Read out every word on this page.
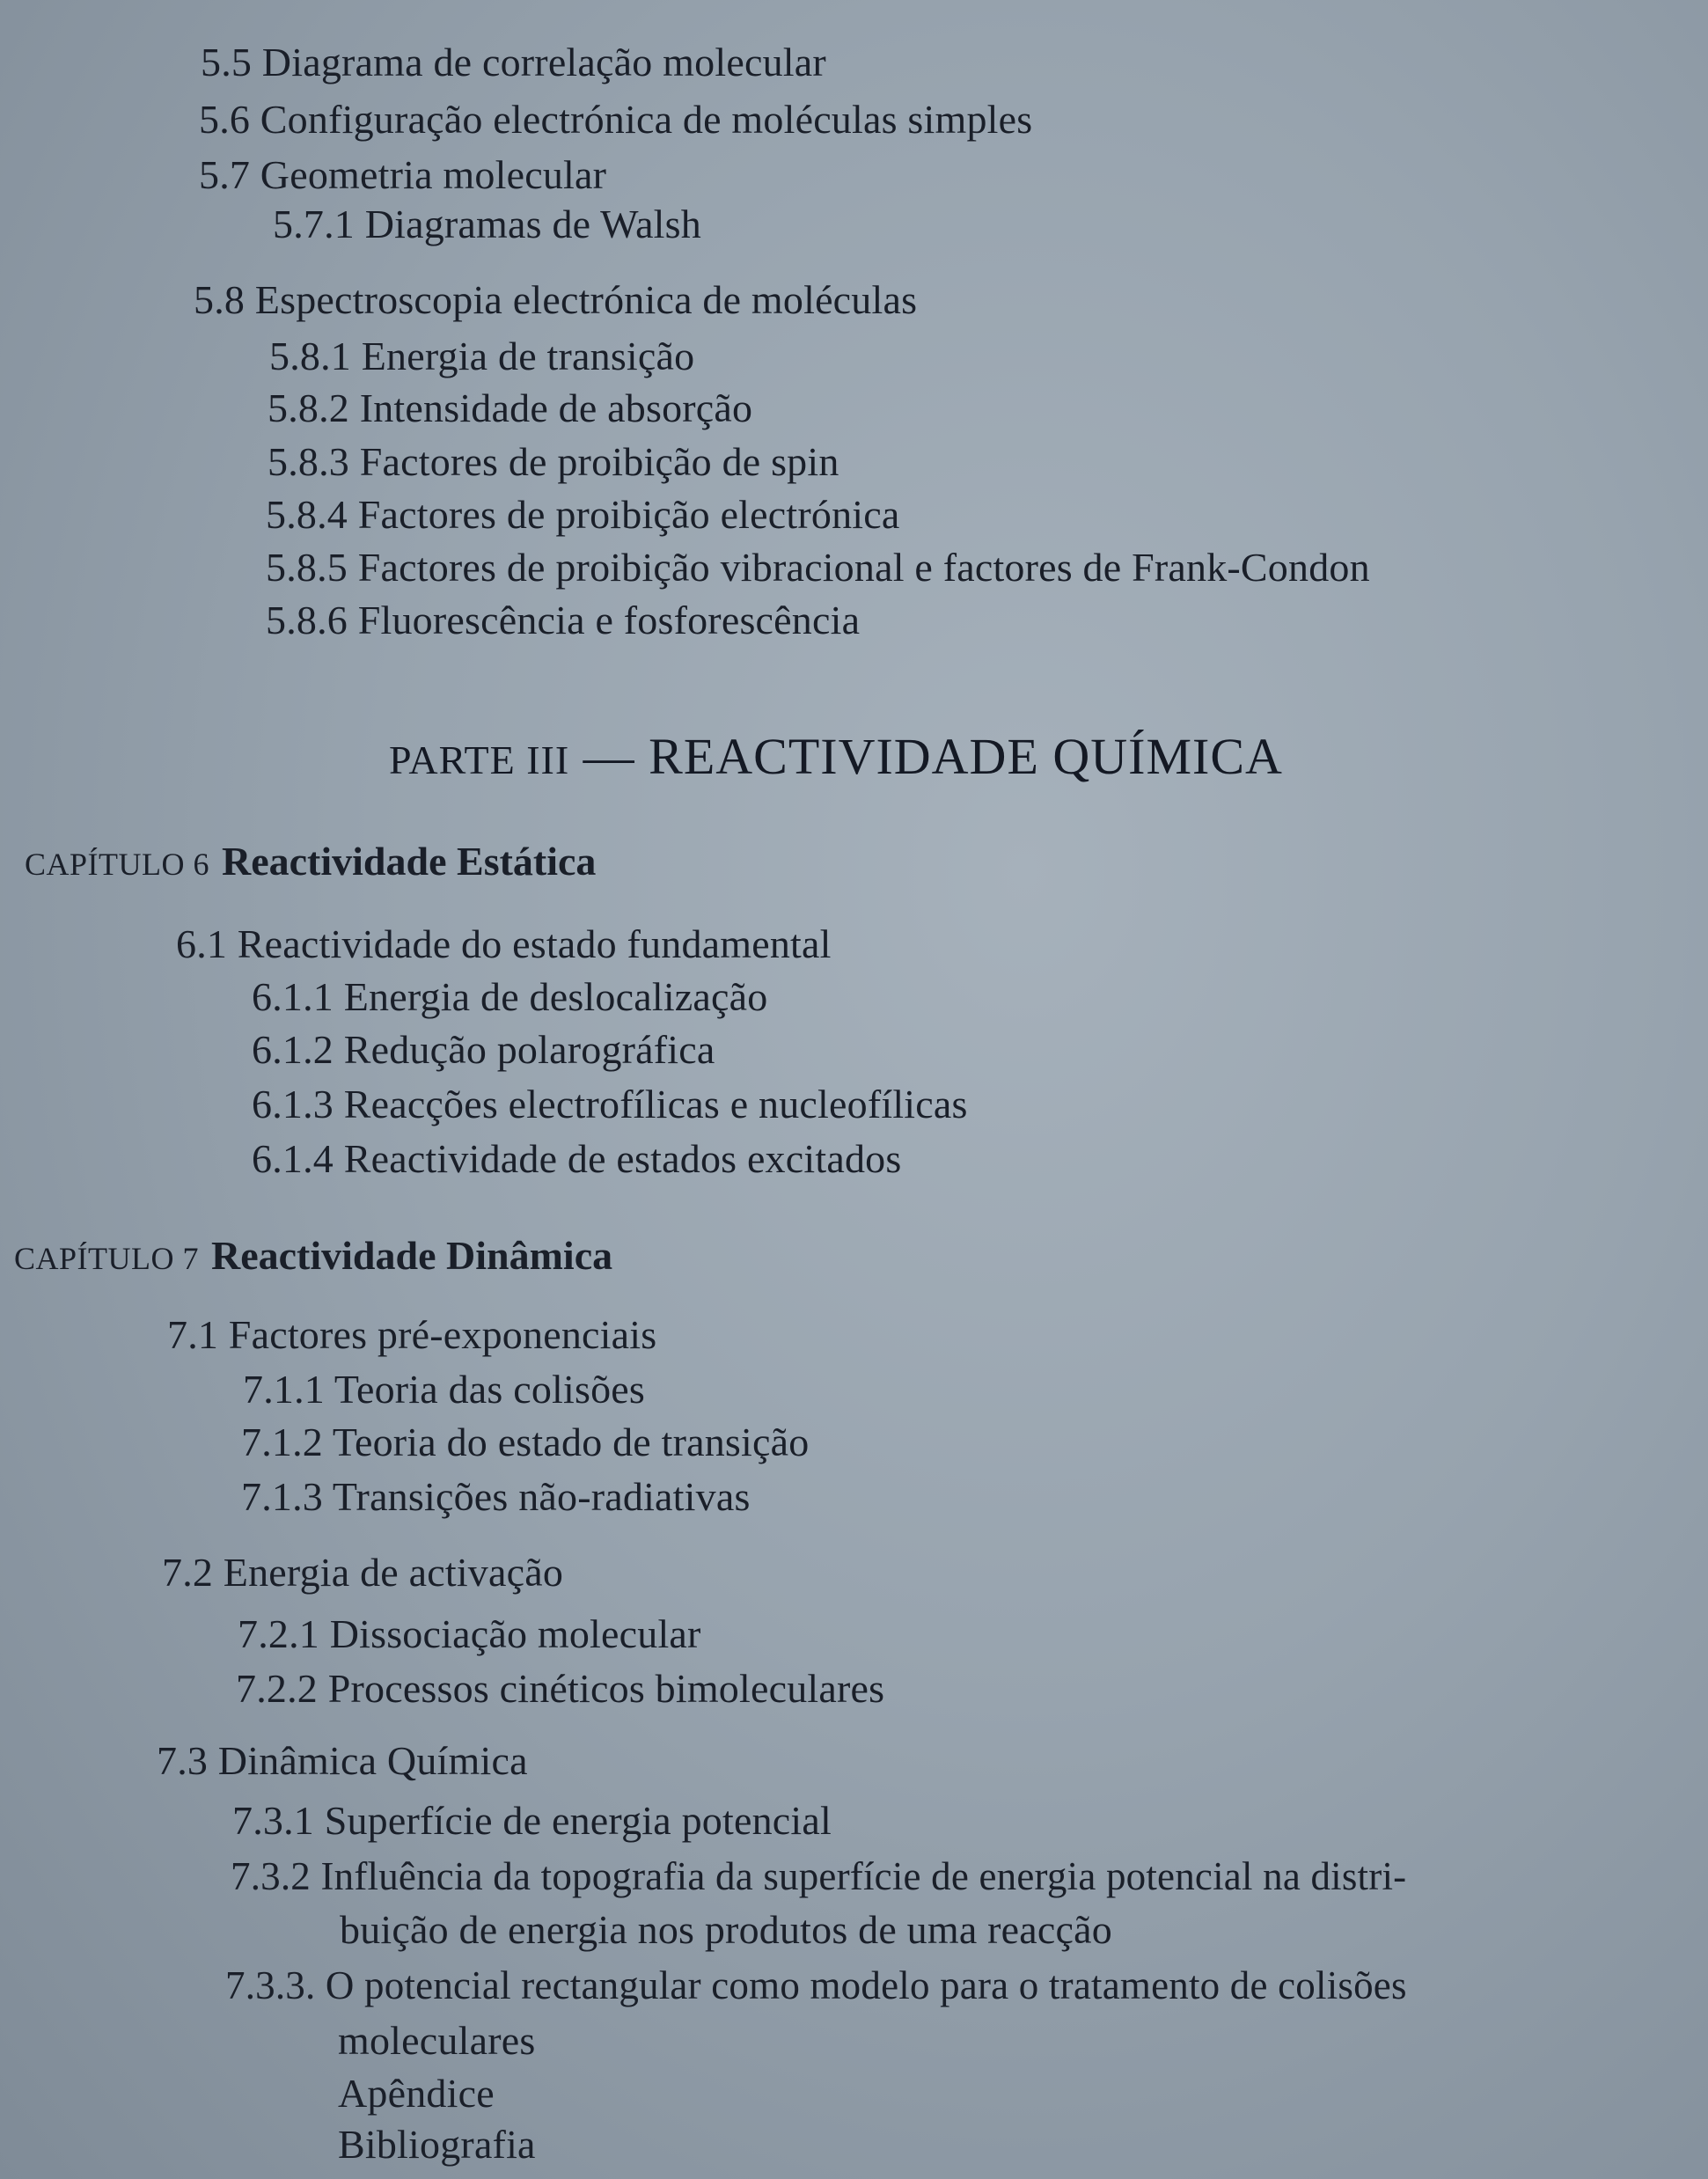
5.5 Diagrama de correlação molecular
5.6 Configuração electrónica de moléculas simples
5.7 Geometria molecular
5.7.1 Diagramas de Walsh
5.8 Espectroscopia electrónica de moléculas
5.8.1 Energia de transição
5.8.2 Intensidade de absorção
5.8.3 Factores de proibição de spin
5.8.4 Factores de proibição electrónica
5.8.5 Factores de proibição vibracional e factores de Frank-Condon
5.8.6 Fluorescência e fosforescência
PARTE III — REACTIVIDADE QUÍMICA
CAPÍTULO 6 Reactividade Estática
6.1 Reactividade do estado fundamental
6.1.1 Energia de deslocalização
6.1.2 Redução polarográfica
6.1.3 Reacções electrofílicas e nucleofílicas
6.1.4 Reactividade de estados excitados
CAPÍTULO 7 Reactividade Dinâmica
7.1 Factores pré-exponenciais
7.1.1 Teoria das colisões
7.1.2 Teoria do estado de transição
7.1.3 Transições não-radiativas
7.2 Energia de activação
7.2.1 Dissociação molecular
7.2.2 Processos cinéticos bimoleculares
7.3 Dinâmica Química
7.3.1 Superfície de energia potencial
7.3.2 Influência da topografia da superfície de energia potencial na distri-
buição de energia nos produtos de uma reacção
7.3.3. O potencial rectangular como modelo para o tratamento de colisões
moleculares
Apêndice
Bibliografia
